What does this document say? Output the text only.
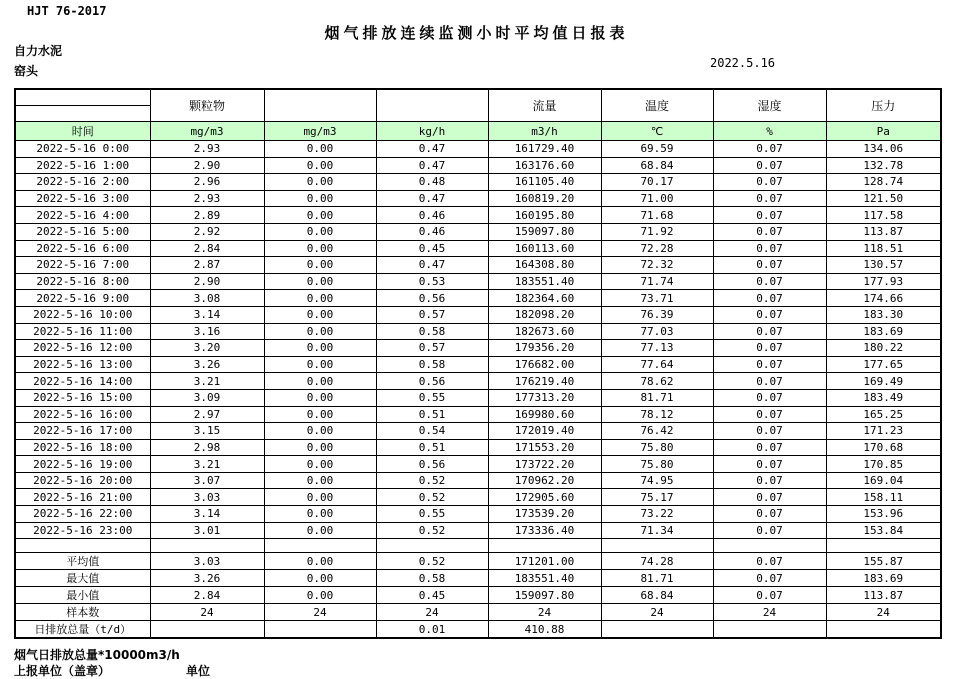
HJT 76-2017
烟气排放连续监测小时平均值日报表
自力水泥
窑头
2022.5.16
	颗粒物			流量	温度	湿度	压力
时间	mg/m3	mg/m3	kg/h	m3/h	℃	%	Pa
2022-5-16 0:00	2.93	0.00	0.47	161729.40	69.59	0.07	134.06
2022-5-16 1:00	2.90	0.00	0.47	163176.60	68.84	0.07	132.78
2022-5-16 2:00	2.96	0.00	0.48	161105.40	70.17	0.07	128.74
2022-5-16 3:00	2.93	0.00	0.47	160819.20	71.00	0.07	121.50
2022-5-16 4:00	2.89	0.00	0.46	160195.80	71.68	0.07	117.58
2022-5-16 5:00	2.92	0.00	0.46	159097.80	71.92	0.07	113.87
2022-5-16 6:00	2.84	0.00	0.45	160113.60	72.28	0.07	118.51
2022-5-16 7:00	2.87	0.00	0.47	164308.80	72.32	0.07	130.57
2022-5-16 8:00	2.90	0.00	0.53	183551.40	71.74	0.07	177.93
2022-5-16 9:00	3.08	0.00	0.56	182364.60	73.71	0.07	174.66
2022-5-16 10:00	3.14	0.00	0.57	182098.20	76.39	0.07	183.30
2022-5-16 11:00	3.16	0.00	0.58	182673.60	77.03	0.07	183.69
2022-5-16 12:00	3.20	0.00	0.57	179356.20	77.13	0.07	180.22
2022-5-16 13:00	3.26	0.00	0.58	176682.00	77.64	0.07	177.65
2022-5-16 14:00	3.21	0.00	0.56	176219.40	78.62	0.07	169.49
2022-5-16 15:00	3.09	0.00	0.55	177313.20	81.71	0.07	183.49
2022-5-16 16:00	2.97	0.00	0.51	169980.60	78.12	0.07	165.25
2022-5-16 17:00	3.15	0.00	0.54	172019.40	76.42	0.07	171.23
2022-5-16 18:00	2.98	0.00	0.51	171553.20	75.80	0.07	170.68
2022-5-16 19:00	3.21	0.00	0.56	173722.20	75.80	0.07	170.85
2022-5-16 20:00	3.07	0.00	0.52	170962.20	74.95	0.07	169.04
2022-5-16 21:00	3.03	0.00	0.52	172905.60	75.17	0.07	158.11
2022-5-16 22:00	3.14	0.00	0.55	173539.20	73.22	0.07	153.96
2022-5-16 23:00	3.01	0.00	0.52	173336.40	71.34	0.07	153.84

平均值	3.03	0.00	0.52	171201.00	74.28	0.07	155.87
最大值	3.26	0.00	0.58	183551.40	81.71	0.07	183.69
最小值	2.84	0.00	0.45	159097.80	68.84	0.07	113.87
样本数	24	24	24	24	24	24	24
日排放总量（t/d）			0.01	410.88			
烟气日排放总量*10000m3/h
上报单位（盖章）	单位
